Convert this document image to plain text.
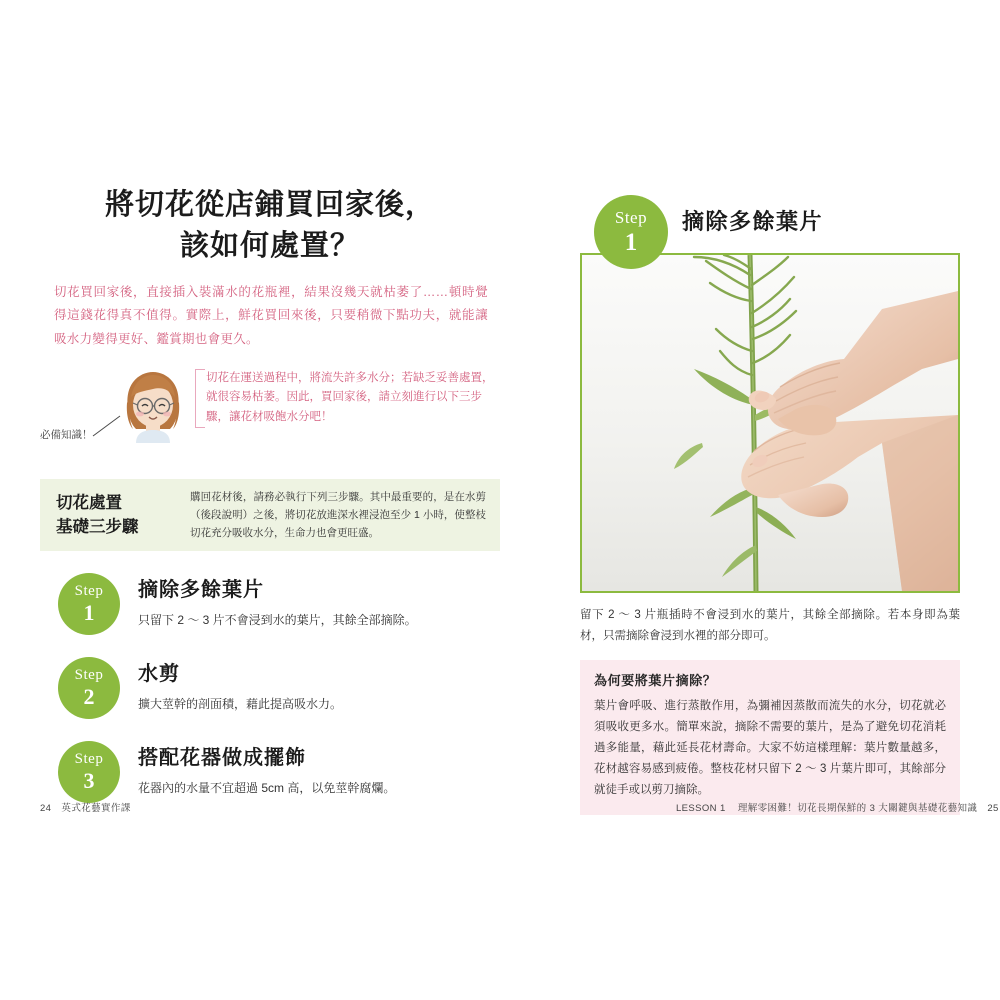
將切花從店鋪買回家後，
該如何處置？

切花買回家後，直接插入裝滿水的花瓶裡，結果沒幾天就枯萎了……頓時覺得這錢花得真不值得。實際上，鮮花買回來後，只要稍微下點功夫，就能讓吸水力變得更好、鑑賞期也會更久。

必備知識！
切花在運送過程中，將流失許多水分；若缺乏妥善處置，就很容易枯萎。因此，買回家後，請立刻進行以下三步驟，讓花材吸飽水分吧！
切花處置
基礎三步驟
購回花材後，請務必執行下列三步驟。其中最重要的，是在水剪（後段說明）之後，將切花放進深水裡浸泡至少 1 小時，使整枝切花充分吸收水分，生命力也會更旺盛。
Step
1
摘除多餘葉片
只留下 2 ～ 3 片不會浸到水的葉片，其餘全部摘除。
Step
2
水剪
擴大莖幹的剖面積，藉此提高吸水力。
Step
3
搭配花器做成擺飾
花器內的水量不宜超過 5cm 高，以免莖幹腐爛。
24 英式花藝實作課
Step
1
摘除多餘葉片
留下 2 ～ 3 片瓶插時不會浸到水的葉片，其餘全部摘除。若本身即為葉材，只需摘除會浸到水裡的部分即可。
為何要將葉片摘除？

葉片會呼吸、進行蒸散作用，為彌補因蒸散而流失的水分，切花就必須吸收更多水。簡單來說，摘除不需要的葉片，是為了避免切花消耗過多能量，藉此延長花材壽命。大家不妨這樣理解：葉片數量越多，花材越容易感到疲倦。整枝花材只留下 2 ～ 3 片葉片即可，其餘部分就徒手或以剪刀摘除。

LESSON 1 理解零困難！切花長期保鮮的 3 大關鍵與基礎花藝知識 25
